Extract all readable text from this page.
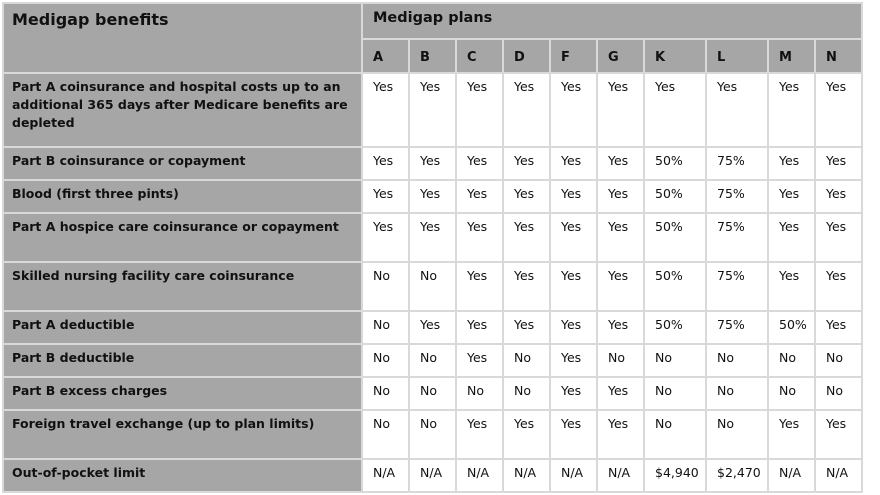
Medigap benefits	Medigap plans									
	A	B	C	D	F	G	K	L	M	N
Part A coinsurance and hospital costs up to an additional 365 days after Medicare benefits are depleted	Yes	Yes	Yes	Yes	Yes	Yes	Yes	Yes	Yes	Yes
Part B coinsurance or copayment	Yes	Yes	Yes	Yes	Yes	Yes	50%	75%	Yes	Yes
Blood (first three pints)	Yes	Yes	Yes	Yes	Yes	Yes	50%	75%	Yes	Yes
Part A hospice care coinsurance or copayment	Yes	Yes	Yes	Yes	Yes	Yes	50%	75%	Yes	Yes
Skilled nursing facility care coinsurance	No	No	Yes	Yes	Yes	Yes	50%	75%	Yes	Yes
Part A deductible	No	Yes	Yes	Yes	Yes	Yes	50%	75%	50%	Yes
Part B deductible	No	No	Yes	No	Yes	No	No	No	No	No
Part B excess charges	No	No	No	No	Yes	Yes	No	No	No	No
Foreign travel exchange (up to plan limits)	No	No	Yes	Yes	Yes	Yes	No	No	Yes	Yes
Out-of-pocket limit	N/A	N/A	N/A	N/A	N/A	N/A	$4,940	$2,470	N/A	N/A
